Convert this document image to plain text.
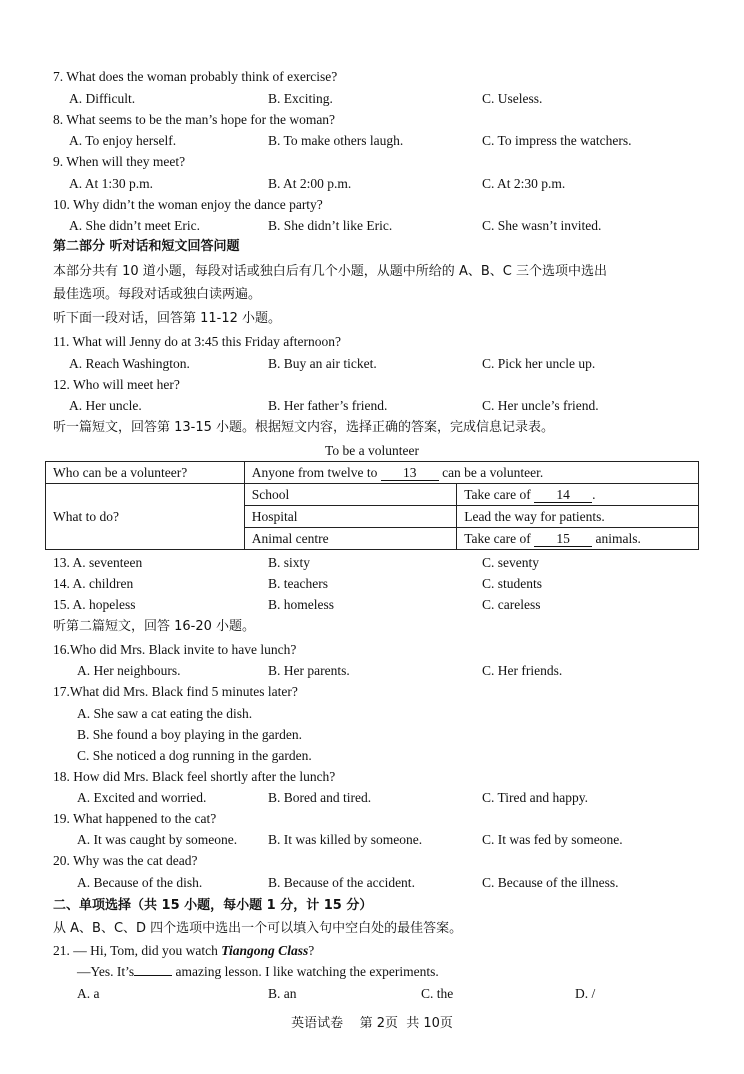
7. What does the woman probably think of exercise?
A. Difficult.	B. Exciting.	C. Useless.
8. What seems to be the man’s hope for the woman?
A. To enjoy herself.	B. To make others laugh.	C. To impress the watchers.
9. When will they meet?
A. At 1:30 p.m.	B. At 2:00 p.m.	C. At 2:30 p.m.
10. Why didn’t the woman enjoy the dance party?
A. She didn’t meet Eric.	B. She didn’t like Eric.	C. She wasn’t invited.
第二部分 听对话和短文回答问题
本部分共有 10 道小题，每段对话或独白后有几个小题，从题中所给的 A、B、C 三个选项中选出
最佳选项。每段对话或独白读两遍。
听下面一段对话，回答第 11-12 小题。
11. What will Jenny do at 3:45 this Friday afternoon?
A. Reach Washington.	B. Buy an air ticket.	C. Pick her uncle up.
12. Who will meet her?
A. Her uncle.	B. Her father’s friend.	C. Her uncle’s friend.
听一篇短文，回答第 13-15 小题。根据短文内容，选择正确的答案，完成信息记录表。
To be a volunteer
Who can be a volunteer?	Anyone from twelve to 13 can be a volunteer.	
What to do?	School	Take care of 14 .
	Hospital	Lead the way for patients.
	Animal centre	Take care of 15 animals.
13. A. seventeen	B. sixty	C. seventy
14. A. children	B. teachers	C. students
15. A. hopeless	B. homeless	C. careless
听第二篇短文，回答 16-20 小题。
16.Who did Mrs. Black invite to have lunch?
A. Her neighbours.	B. Her parents.	C. Her friends.
17.What did Mrs. Black find 5 minutes later?
A. She saw a cat eating the dish.
B. She found a boy playing in the garden.
C. She noticed a dog running in the garden.
18. How did Mrs. Black feel shortly after the lunch?
A. Excited and worried.	B. Bored and tired.	C. Tired and happy.
19. What happened to the cat?
A. It was caught by someone. B. It was killed by someone.	C. It was fed by someone.
20. Why was the cat dead?
A. Because of the dish.	B. Because of the accident.	C. Because of the illness.
二、单项选择（共 15 小题，每小题 1 分，计 15 分）
从 A、B、C、D 四个选项中选出一个可以填入句中空白处的最佳答案。
21. — Hi, Tom, did you watch Tiangong Class?
—Yes. It’s	amazing lesson. I like watching the experiments.
A. a	B. an	C. the	D. /
英语试卷    第 2页  共 10页
